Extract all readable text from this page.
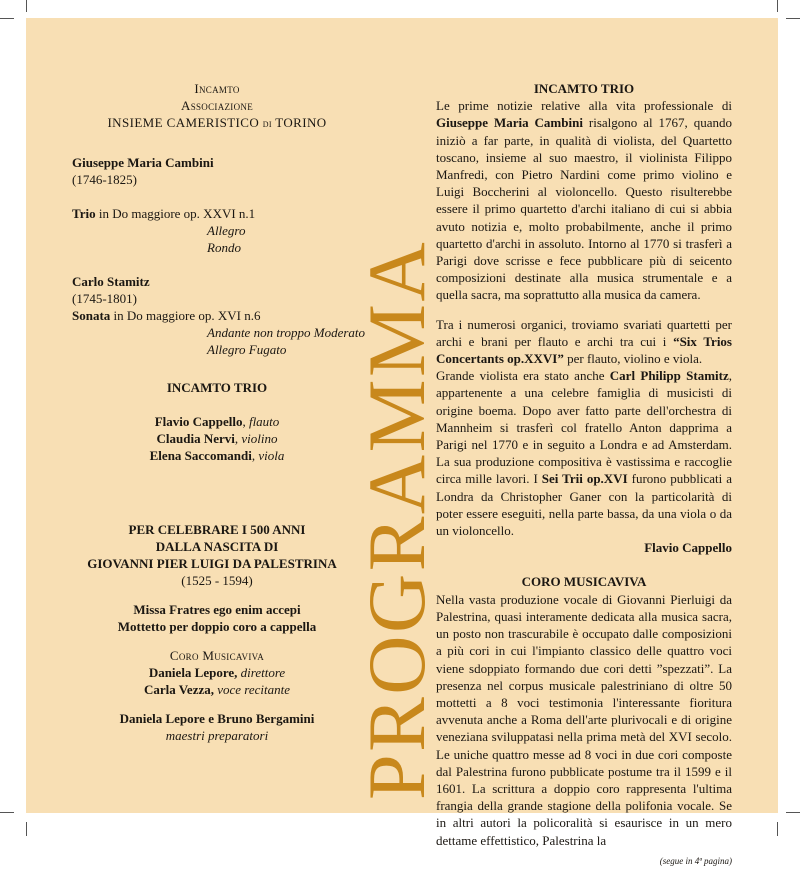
Incamto
Associazione
INSIEME CAMERISTICO di TORINO
Giuseppe Maria Cambini
(1746-1825)
Trio in Do maggiore op. XXVI n.1
Allegro
Rondo
Carlo Stamitz
(1745-1801)
Sonata in Do maggiore op. XVI n.6
Andante non troppo Moderato
Allegro Fugato
INCAMTO TRIO
Flavio Cappello, flauto
Claudia Nervi, violino
Elena Saccomandi, viola
PER CELEBRARE I 500 ANNI
DALLA NASCITA DI
GIOVANNI PIER LUIGI DA PALESTRINA
(1525 - 1594)
Missa Fratres ego enim accepi
Mottetto per doppio coro a cappella
Coro Musicaviva
Daniela Lepore, direttore
Carla Vezza, voce recitante
Daniela Lepore e Bruno Bergamini
maestri preparatori	PROGRAMMA
INCAMTO TRIO

Le prime notizie relative alla vita professionale di Giuseppe Maria Cambini risalgono al 1767, quando iniziò a far parte, in qualità di violista, del Quartetto toscano, insieme al suo maestro, il violinista Filippo Manfredi, con Pietro Nardini come primo violino e Luigi Boccherini al violoncello. Questo risulterebbe essere il primo quartetto d'archi italiano di cui si abbia avuto notizia e, molto probabilmente, anche il primo quartetto d'archi in assoluto. Intorno al 1770 si trasferì a Parigi dove scrisse e fece pubblicare più di seicento composizioni destinate alla musica strumentale e a quella sacra, ma soprattutto alla musica da camera.

Tra i numerosi organici, troviamo svariati quartetti per archi e brani per flauto e archi tra cui i “Six Trios Concertants op.XXVI” per flauto, violino e viola.

Grande violista era stato anche Carl Philipp Stamitz, appartenente a una celebre famiglia di musicisti di origine boema. Dopo aver fatto parte dell'orchestra di Mannheim si trasferì col fratello Anton dapprima a Parigi nel 1770 e in seguito a Londra e ad Amsterdam. La sua produzione compositiva è vastissima e raccoglie circa mille lavori. I Sei Trii op.XVI furono pubblicati a Londra da Christopher Ganer con la particolarità di poter essere eseguiti, nella parte bassa, da una viola o da un violoncello.

Flavio Cappello
CORO MUSICAVIVA

Nella vasta produzione vocale di Giovanni Pierluigi da Palestrina, quasi interamente dedicata alla musica sacra, un posto non trascurabile è occupato dalle composizioni a più cori in cui l'impianto classico delle quattro voci viene sdoppiato formando due cori detti ”spezzati”. La presenza nel corpus musicale palestriniano di oltre 50 mottetti a 8 voci testimonia l'interessante fioritura avvenuta anche a Roma dell'arte plurivocali e di origine veneziana sviluppatasi nella prima metà del XVI secolo. Le uniche quattro messe ad 8 voci in due cori composte dal Palestrina furono pubblicate postume tra il 1599 e il 1601. La scrittura a doppio coro rappresenta l'ultima frangia della grande stagione della polifonia vocale. Se in altri autori la policoralità si esaurisce in un mero dettame effettistico, Palestrina la

(segue in 4ª pagina)
